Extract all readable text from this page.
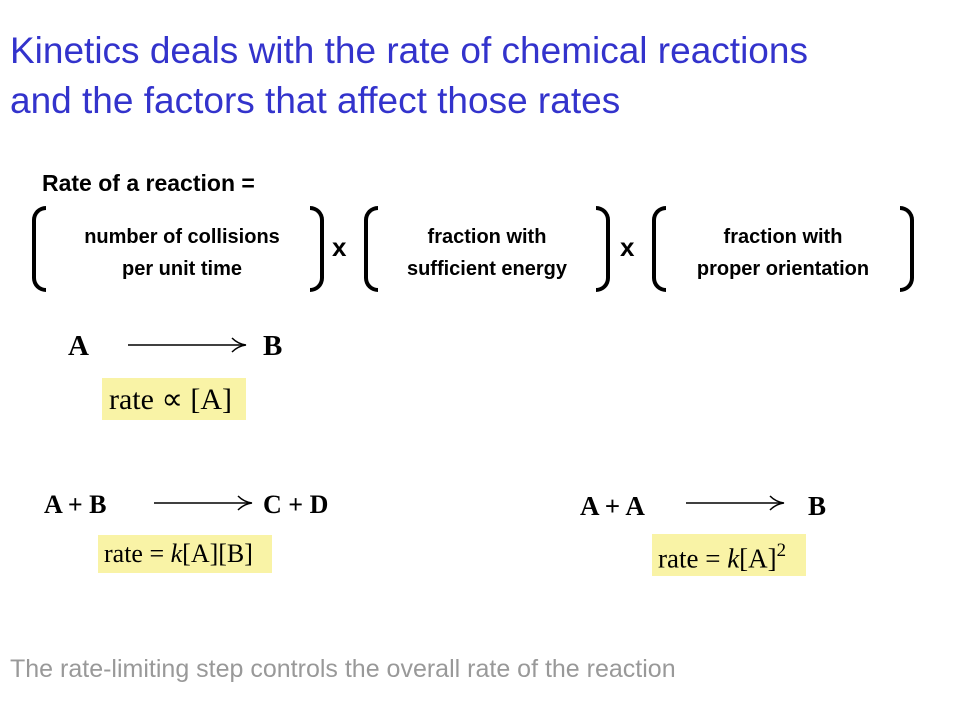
Kinetics deals with the rate of chemical reactions
and the factors that affect those rates
Rate of a reaction =
number of collisions
per unit time
x	fraction with
sufficient energy
x	fraction with
proper orientation
A	B
rate ∝ [A]
A + B	C + D
rate = k[A][B]
A + A	B
rate = $k[A]^2$
The rate-limiting step controls the overall rate of the reaction
